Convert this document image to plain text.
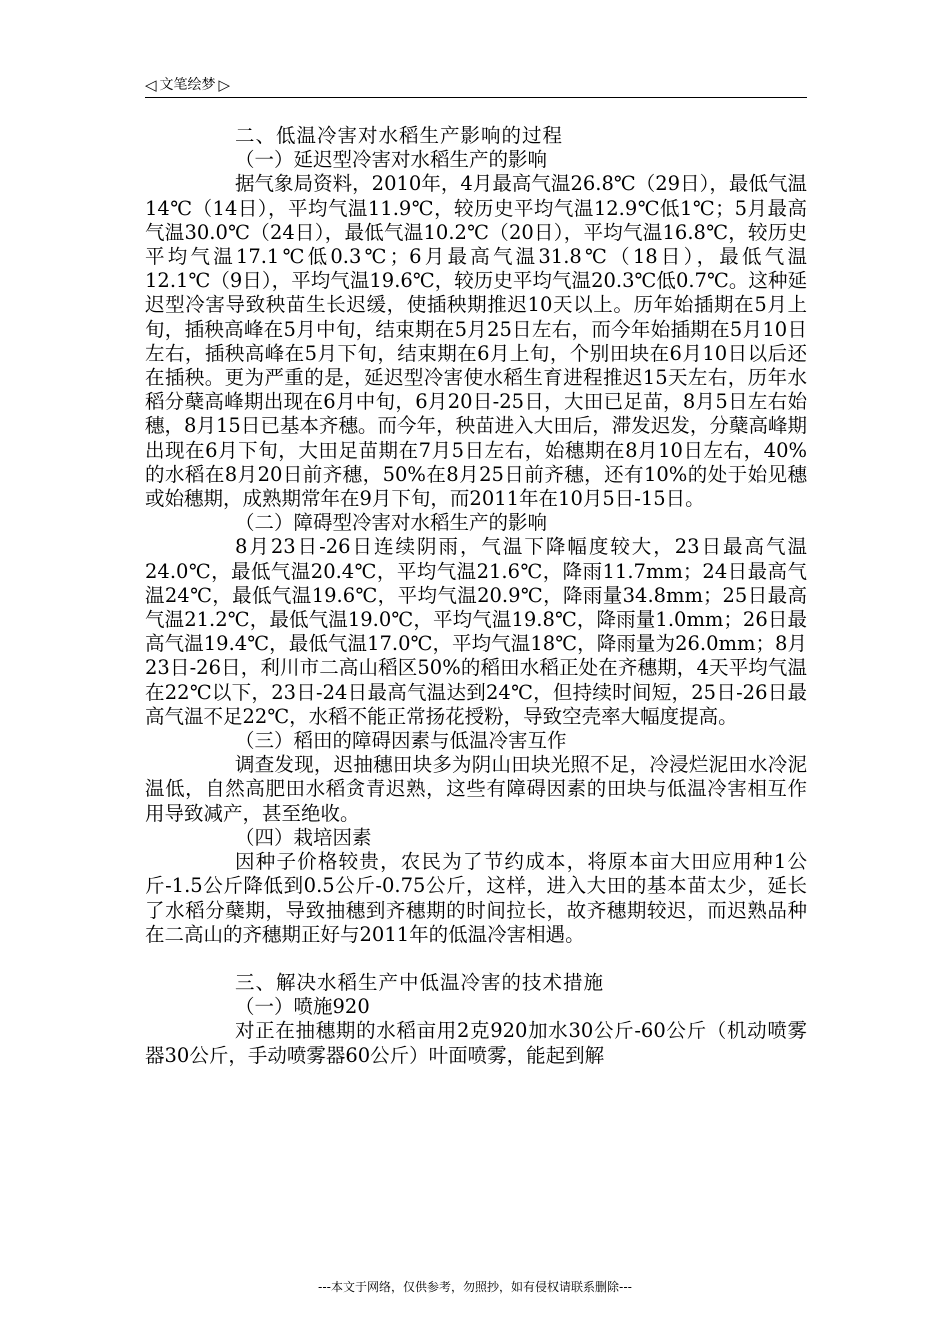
◁ 文笔绘梦 ▷

二、低温冷害对水稻生产影响的过程

（一）延迟型冷害对水稻生产的影响

据气象局资料，2010年，4月最高气温26.8℃（29日），最低气温14℃（14日），平均气温11.9℃，较历史平均气温12.9℃低1℃；5月最高气温30.0℃（24日），最低气温10.2℃（20日），平均气温16.8℃，较历史平均气温17.1℃低0.3℃；6月最高气温31.8℃（18日），最低气温12.1℃（9日），平均气温19.6℃，较历史平均气温20.3℃低0.7℃。这种延迟型冷害导致秧苗生长迟缓，使插秧期推迟10天以上。历年始插期在5月上旬，插秧高峰在5月中旬，结束期在5月25日左右，而今年始插期在5月10日左右，插秧高峰在5月下旬，结束期在6月上旬，个别田块在6月10日以后还在插秧。更为严重的是，延迟型冷害使水稻生育进程推迟15天左右，历年水稻分蘖高峰期出现在6月中旬，6月20日-25日，大田已足苗，8月5日左右始穗，8月15日已基本齐穗。而今年，秧苗进入大田后，滞发迟发，分蘖高峰期出现在6月下旬，大田足苗期在7月5日左右，始穗期在8月10日左右，40%的水稻在8月20日前齐穗，50%在8月25日前齐穗，还有10%的处于始见穗或始穗期，成熟期常年在9月下旬，而2011年在10月5日-15日。

（二）障碍型冷害对水稻生产的影响

8月23日-26日连续阴雨，气温下降幅度较大，23日最高气温24.0℃，最低气温20.4℃，平均气温21.6℃，降雨11.7mm；24日最高气温24℃，最低气温19.6℃，平均气温20.9℃，降雨量34.8mm；25日最高气温21.2℃，最低气温19.0℃，平均气温19.8℃，降雨量1.0mm；26日最高气温19.4℃，最低气温17.0℃，平均气温18℃，降雨量为26.0mm；8月23日-26日，利川市二高山稻区50%的稻田水稻正处在齐穗期，4天平均气温在22℃以下，23日-24日最高气温达到24℃，但持续时间短，25日-26日最高气温不足22℃，水稻不能正常扬花授粉，导致空壳率大幅度提高。

（三）稻田的障碍因素与低温冷害互作

调查发现，迟抽穗田块多为阴山田块光照不足，冷浸烂泥田水冷泥温低，自然高肥田水稻贪青迟熟，这些有障碍因素的田块与低温冷害相互作用导致减产，甚至绝收。

（四）栽培因素

因种子价格较贵，农民为了节约成本，将原本亩大田应用种1公斤-1.5公斤降低到0.5公斤-0.75公斤，这样，进入大田的基本苗太少，延长了水稻分蘖期，导致抽穗到齐穗期的时间拉长，故齐穗期较迟，而迟熟品种在二高山的齐穗期正好与2011年的低温冷害相遇。

三、解决水稻生产中低温冷害的技术措施

（一）喷施920

对正在抽穗期的水稻亩用2克920加水30公斤-60公斤（机动喷雾器30公斤，手动喷雾器60公斤）叶面喷雾，能起到解

---本文于网络，仅供参考，勿照抄，如有侵权请联系删除---
